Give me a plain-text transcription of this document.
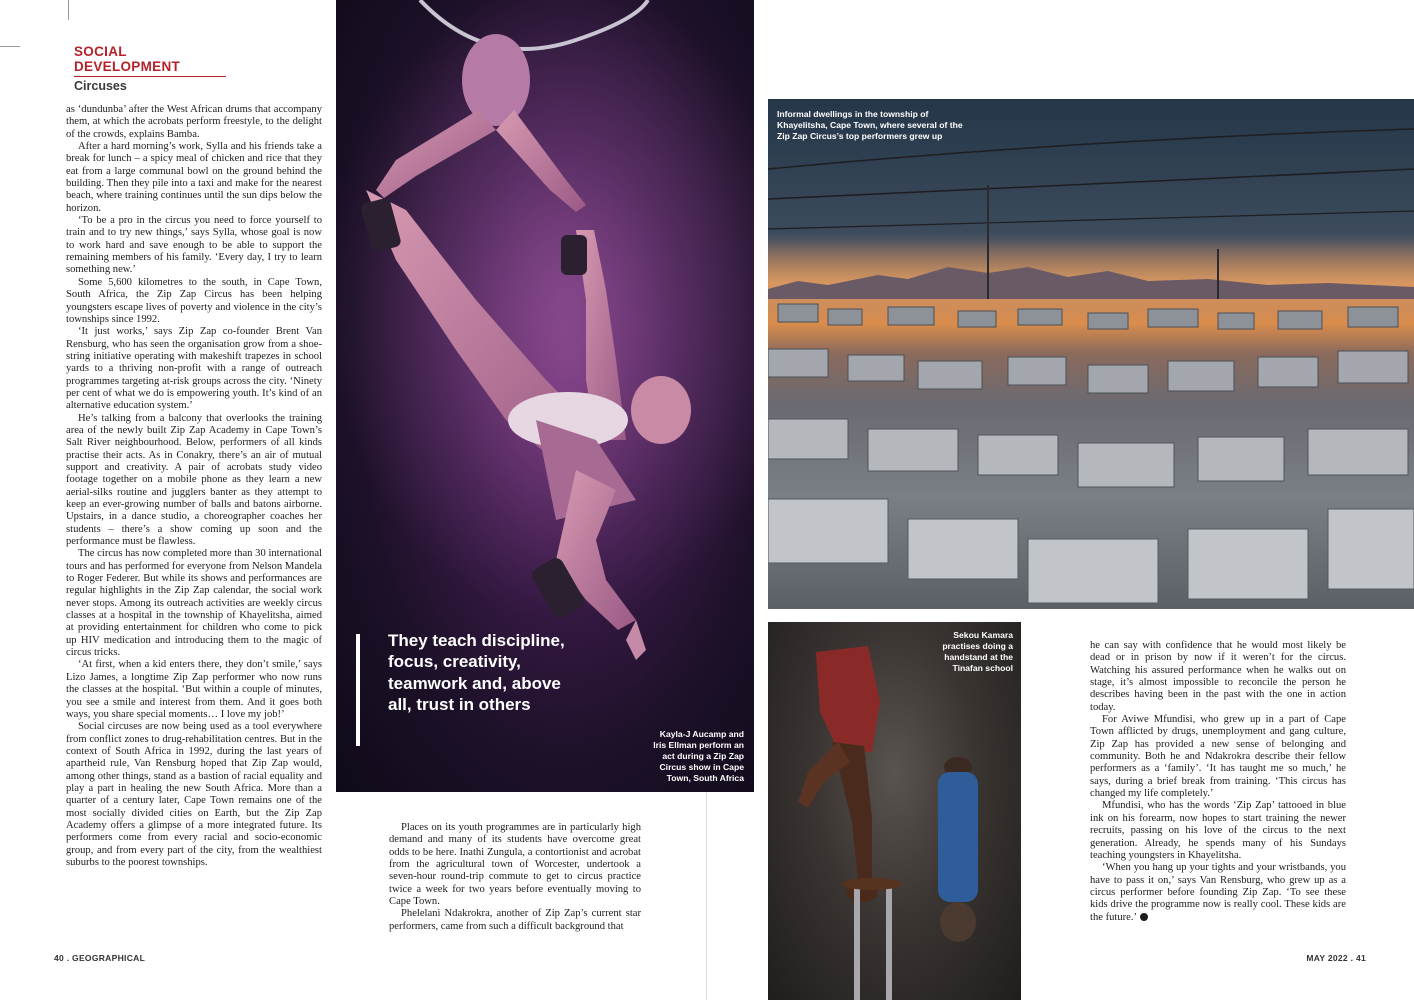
SOCIAL DEVELOPMENT
Circuses

as ‘dundunba’ after the West African drums that accompany them, at which the acrobats perform freestyle, to the delight of the crowds, explains Bamba.

After a hard morning’s work, Sylla and his friends take a break for lunch – a spicy meal of chicken and rice that they eat from a large communal bowl on the ground behind the building. Then they pile into a taxi and make for the nearest beach, where training continues until the sun dips below the horizon.

‘To be a pro in the circus you need to force yourself to train and to try new things,’ says Sylla, whose goal is now to work hard and save enough to be able to support the remaining members of his family. ‘Every day, I try to learn something new.’

Some 5,600 kilometres to the south, in Cape Town, South Africa, the Zip Zap Circus has been helping youngsters escape lives of poverty and violence in the city’s townships since 1992.

‘It just works,’ says Zip Zap co-founder Brent Van Rensburg, who has seen the organisation grow from a shoe-string initiative operating with makeshift trapezes in school yards to a thriving non-profit with a range of outreach programmes targeting at-risk groups across the city. ‘Ninety per cent of what we do is empowering youth. It’s kind of an alternative education system.’

He’s talking from a balcony that overlooks the training area of the newly built Zip Zap Academy in Cape Town’s Salt River neighbourhood. Below, performers of all kinds practise their acts. As in Conakry, there’s an air of mutual support and creativity. A pair of acrobats study video footage together on a mobile phone as they learn a new aerial-silks routine and jugglers banter as they attempt to keep an ever-growing number of balls and batons airborne. Upstairs, in a dance studio, a choreographer coaches her students – there’s a show coming up soon and the performance must be flawless.

The circus has now completed more than 30 international tours and has performed for everyone from Nelson Mandela to Roger Federer. But while its shows and performances are regular highlights in the Zip Zap calendar, the social work never stops. Among its outreach activities are weekly circus classes at a hospital in the township of Khayelitsha, aimed at providing entertainment for children who come to pick up HIV medication and introducing them to the magic of circus tricks.

‘At first, when a kid enters there, they don’t smile,’ says Lizo James, a longtime Zip Zap performer who now runs the classes at the hospital. ‘But within a couple of minutes, you see a smile and interest from them. And it goes both ways, you share special moments… I love my job!’

Social circuses are now being used as a tool everywhere from conflict zones to drug-rehabilitation centres. But in the context of South Africa in 1992, during the last years of apartheid rule, Van Rensburg hoped that Zip Zap would, among other things, stand as a bastion of racial equality and play a part in healing the new South Africa. More than a quarter of a century later, Cape Town remains one of the most socially divided cities on Earth, but the Zip Zap Academy offers a glimpse of a more integrated future. Its performers come from every racial and socio-economic group, and from every part of the city, from the wealthiest suburbs to the poorest townships.

They teach discipline, focus, creativity, teamwork and, above all, trust in others
Kayla-J Aucamp and Iris Ellman perform an act during a Zip Zap Circus show in Cape Town, South Africa

Places on its youth programmes are in particularly high demand and many of its students have overcome great odds to be here. Inathi Zungula, a contortionist and acrobat from the agricultural town of Worcester, undertook a seven-hour round-trip commute to get to circus practice twice a week for two years before eventually moving to Cape Town.

Phelelani Ndakrokra, another of Zip Zap’s current star performers, came from such a difficult background that

Informal dwellings in the township of Khayelitsha, Cape Town, where several of the Zip Zap Circus’s top performers grew up
Sekou Kamara practises doing a handstand at the Tinafan school

he can say with confidence that he would most likely be dead or in prison by now if it weren’t for the circus. Watching his assured performance when he walks out on stage, it’s almost impossible to reconcile the person he describes having been in the past with the one in action today.

For Aviwe Mfundisi, who grew up in a part of Cape Town afflicted by drugs, unemployment and gang culture, Zip Zap has provided a new sense of belonging and community. Both he and Ndakrokra describe their fellow performers as a ‘family’. ‘It has taught me so much,’ he says, during a brief break from training. ‘This circus has changed my life completely.’

Mfundisi, who has the words ‘Zip Zap’ tattooed in blue ink on his forearm, now hopes to start training the newer recruits, passing on his love of the circus to the next generation. Already, he spends many of his Sundays teaching youngsters in Khayelitsha.

‘When you hang up your tights and your wristbands, you have to pass it on,’ says Van Rensburg, who grew up as a circus performer before founding Zip Zap. ‘To see these kids drive the programme now is really cool. These kids are the future.’

40 . GEOGRAPHICAL	MAY 2022 . 41
